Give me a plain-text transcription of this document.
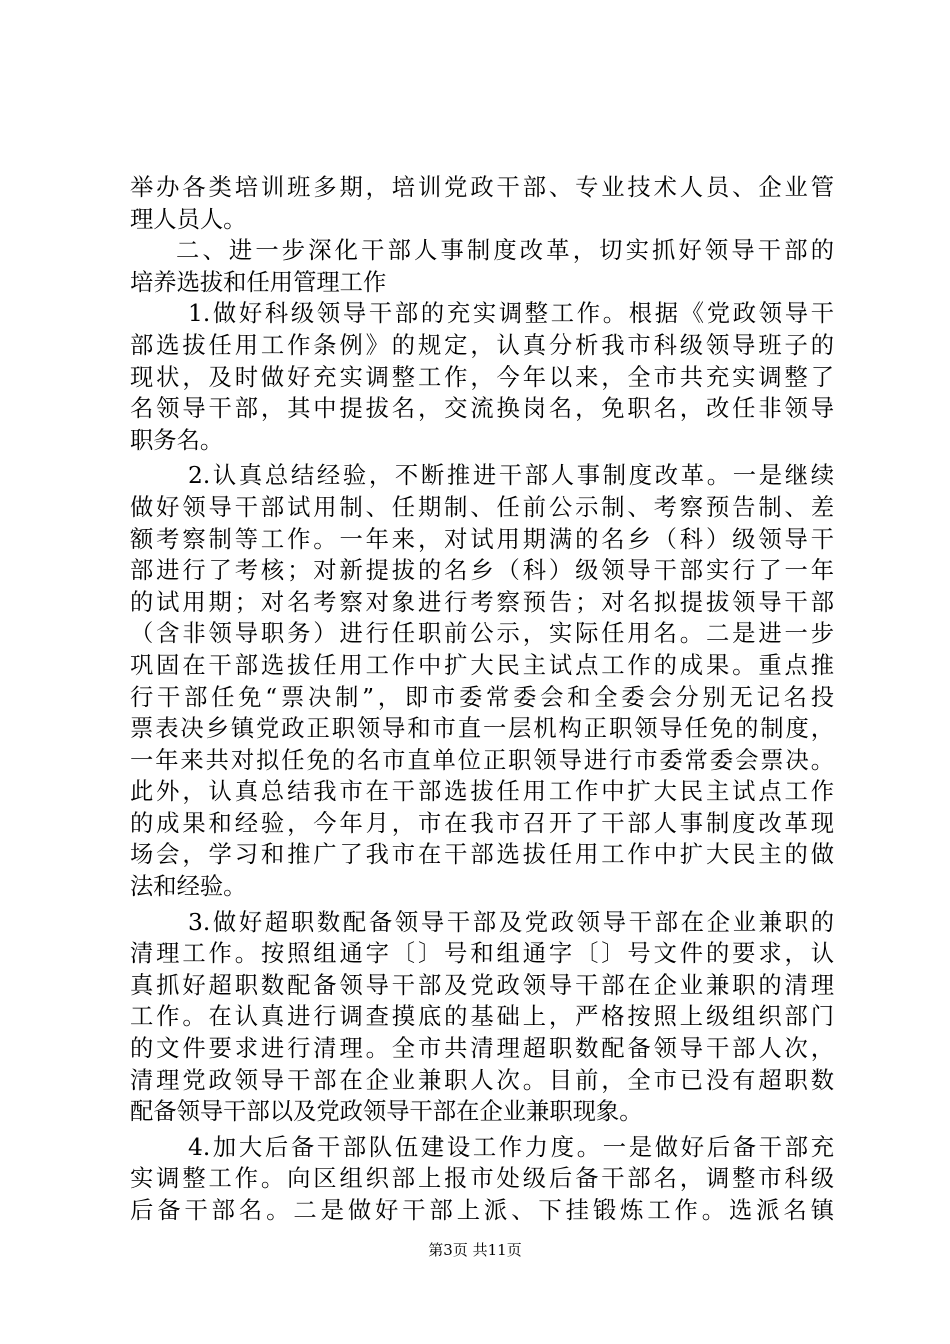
举办各类培训班多期，培训党政干部、专业技术人员、企业管
理人员人。
二、进一步深化干部人事制度改革，切实抓好领导干部的
培养选拔和任用管理工作
1.做好科级领导干部的充实调整工作。根据《党政领导干
部选拔任用工作条例》的规定，认真分析我市科级领导班子的
现状，及时做好充实调整工作，今年以来，全市共充实调整了
名领导干部，其中提拔名，交流换岗名，免职名，改任非领导
职务名。
2.认真总结经验，不断推进干部人事制度改革。一是继续
做好领导干部试用制、任期制、任前公示制、考察预告制、差
额考察制等工作。一年来，对试用期满的名乡（科）级领导干
部进行了考核；对新提拔的名乡（科）级领导干部实行了一年
的试用期；对名考察对象进行考察预告；对名拟提拔领导干部
（含非领导职务）进行任职前公示，实际任用名。二是进一步
巩固在干部选拔任用工作中扩大民主试点工作的成果。重点推
行干部任免“票决制”，即市委常委会和全委会分别无记名投
票表决乡镇党政正职领导和市直一层机构正职领导任免的制度，
一年来共对拟任免的名市直单位正职领导进行市委常委会票决。
此外，认真总结我市在干部选拔任用工作中扩大民主试点工作
的成果和经验，今年月，市在我市召开了干部人事制度改革现
场会，学习和推广了我市在干部选拔任用工作中扩大民主的做
法和经验。
3.做好超职数配备领导干部及党政领导干部在企业兼职的
清理工作。按照组通字〔〕号和组通字〔〕号文件的要求，认
真抓好超职数配备领导干部及党政领导干部在企业兼职的清理
工作。在认真进行调查摸底的基础上，严格按照上级组织部门
的文件要求进行清理。全市共清理超职数配备领导干部人次，
清理党政领导干部在企业兼职人次。目前，全市已没有超职数
配备领导干部以及党政领导干部在企业兼职现象。
4.加大后备干部队伍建设工作力度。一是做好后备干部充
实调整工作。向区组织部上报市处级后备干部名，调整市科级
后备干部名。二是做好干部上派、下挂锻炼工作。选派名镇
第3页 共11页
